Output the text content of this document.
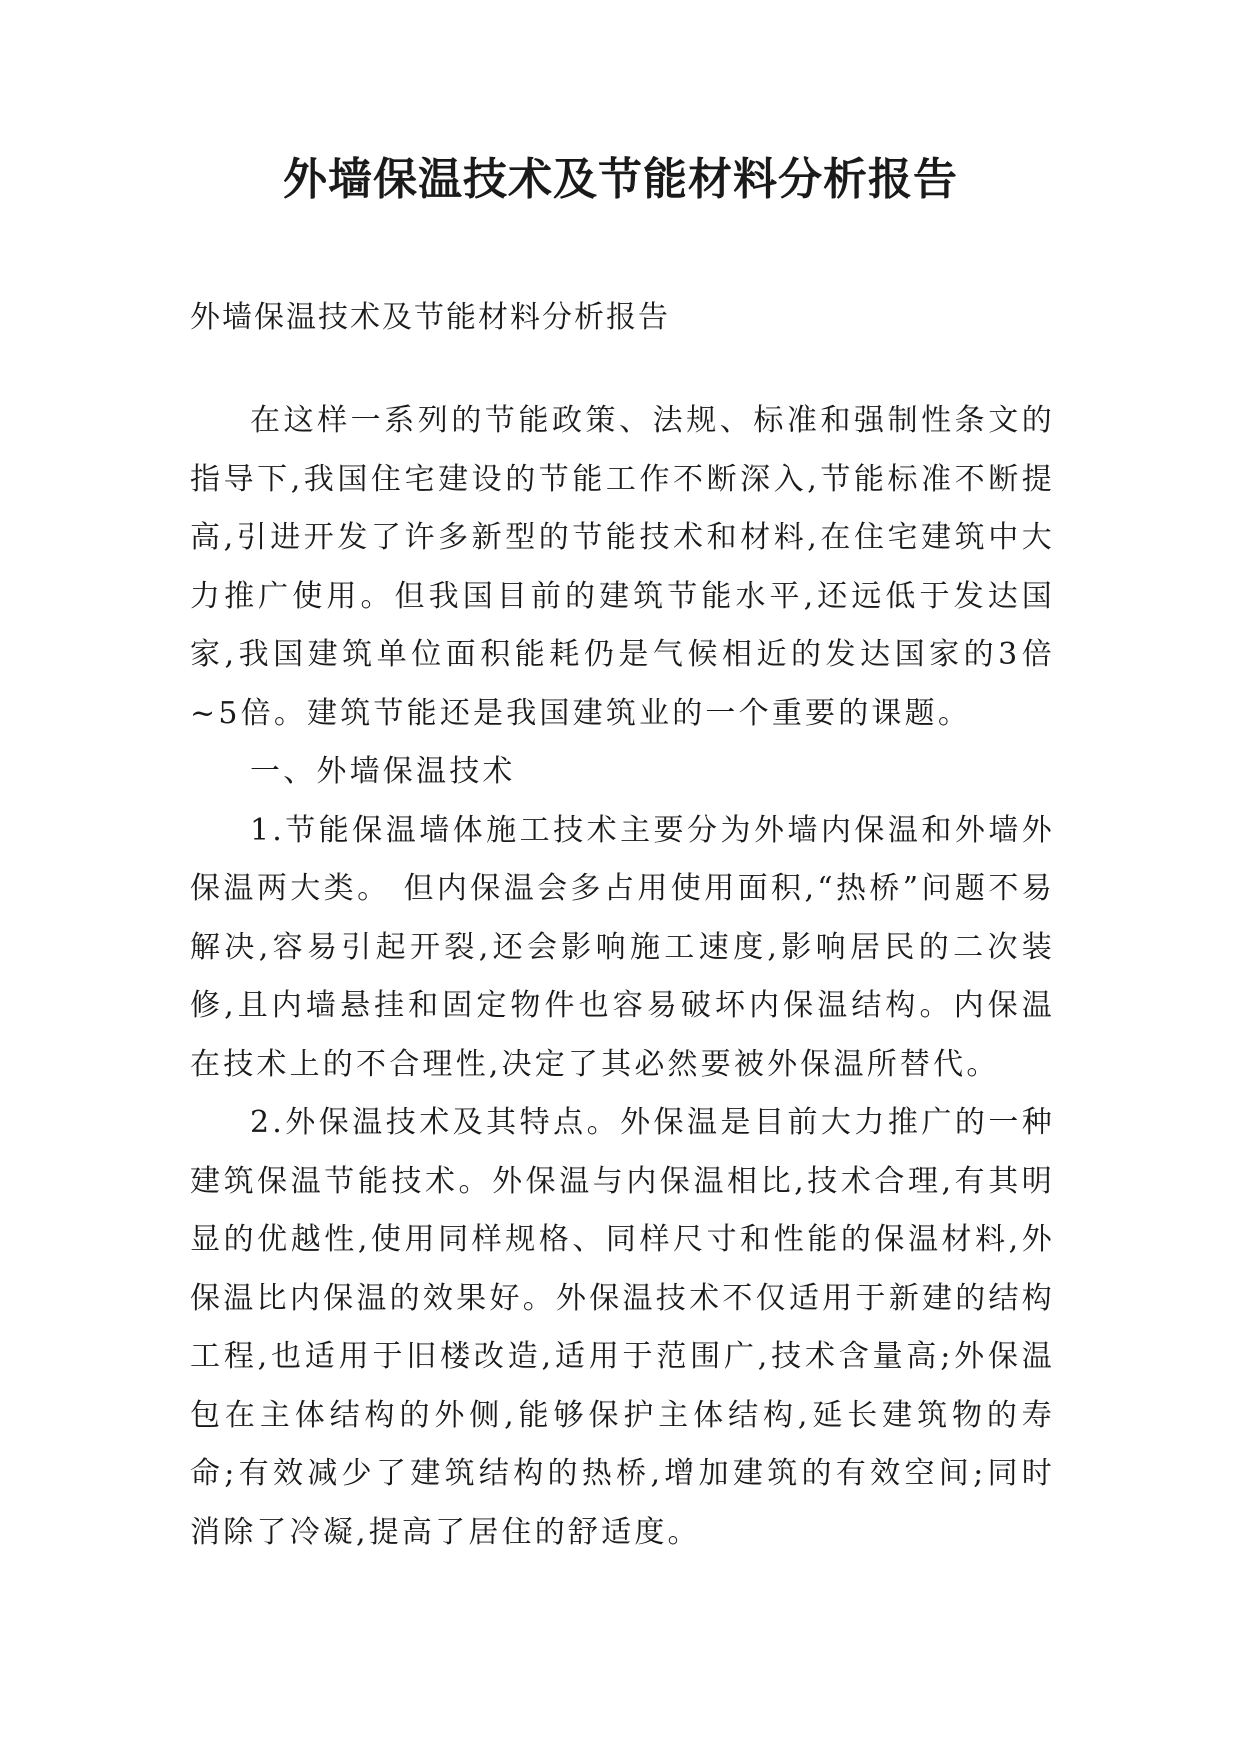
外墙保温技术及节能材料分析报告

外墙保温技术及节能材料分析报告

在这样一系列的节能政策、法规、标准和强制性条文的指导下,我国住宅建设的节能工作不断深入,节能标准不断提高,引进开发了许多新型的节能技术和材料,在住宅建筑中大力推广使用。但我国目前的建筑节能水平,还远低于发达国家,我国建筑单位面积能耗仍是气候相近的发达国家的3倍~5倍。建筑节能还是我国建筑业的一个重要的课题。

一、外墙保温技术

1.节能保温墙体施工技术主要分为外墙内保温和外墙外保温两大类。 但内保温会多占用使用面积,“热桥”问题不易解决,容易引起开裂,还会影响施工速度,影响居民的二次装修,且内墙悬挂和固定物件也容易破坏内保温结构。内保温在技术上的不合理性,决定了其必然要被外保温所替代。

2.外保温技术及其特点。外保温是目前大力推广的一种建筑保温节能技术。外保温与内保温相比,技术合理,有其明显的优越性,使用同样规格、同样尺寸和性能的保温材料,外保温比内保温的效果好。外保温技术不仅适用于新建的结构工程,也适用于旧楼改造,适用于范围广,技术含量高;外保温包在主体结构的外侧,能够保护主体结构,延长建筑物的寿命;有效减少了建筑结构的热桥,增加建筑的有效空间;同时消除了冷凝,提高了居住的舒适度。
